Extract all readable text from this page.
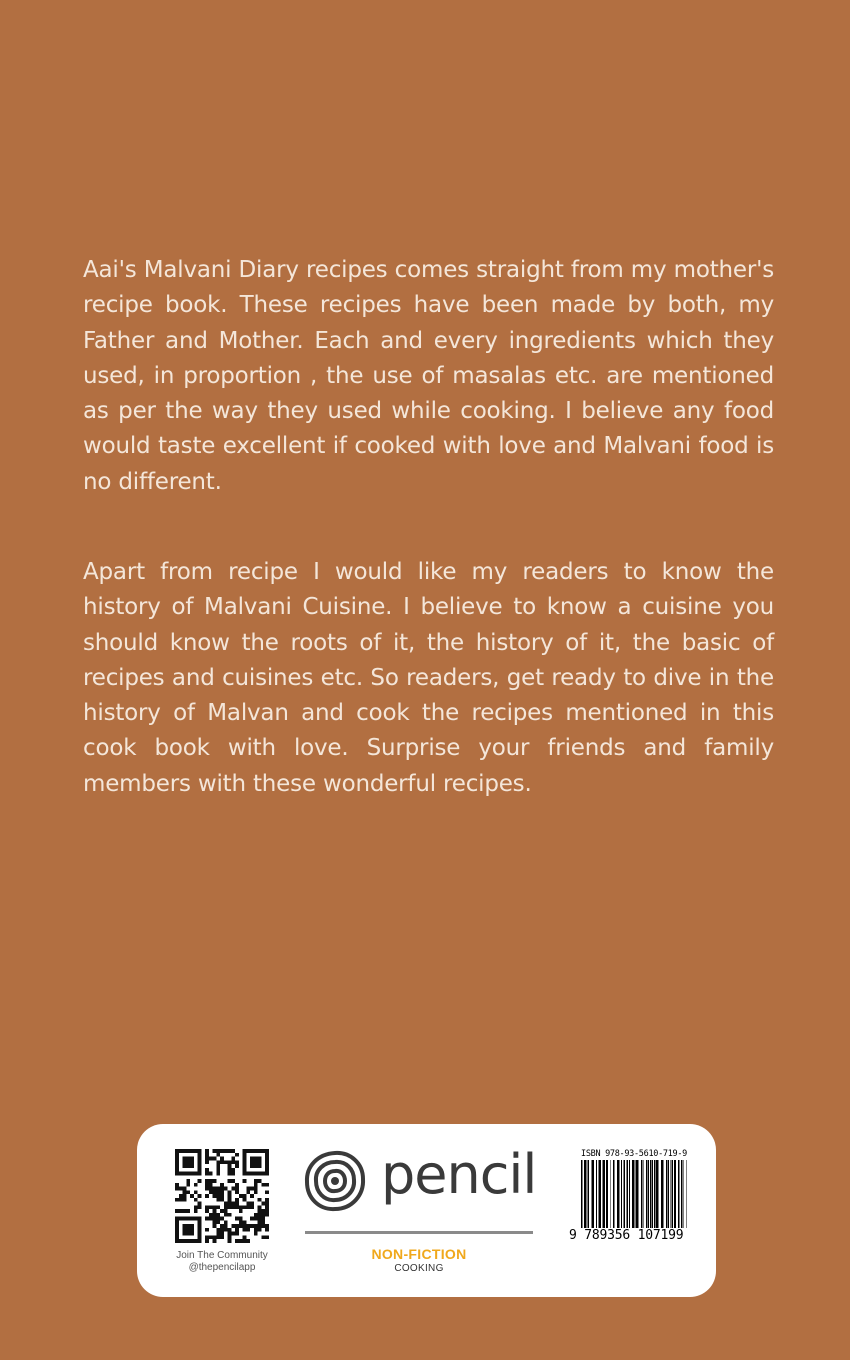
Aai's Malvani Diary recipes comes straight from my mother's recipe book. These recipes have been made by both, my Father and Mother. Each and every ingredients which they used, in proportion , the use of masalas etc. are mentioned as per the way they used while cooking. I believe any food would taste excellent if cooked with love and Malvani food is no different.

Apart from recipe I would like my readers to know the history of Malvani Cuisine. I believe to know a cuisine you should know the roots of it, the history of it, the basic of recipes and cuisines etc. So readers, get ready to dive in the history of Malvan and cook the recipes mentioned in this cook book with love. Surprise your friends and family members with these wonderful recipes.

Join The Community
@thepencilapp
pencil
NON-FICTION
COOKING
ISBN 978-93-5610-719-9
9 789356 107199
